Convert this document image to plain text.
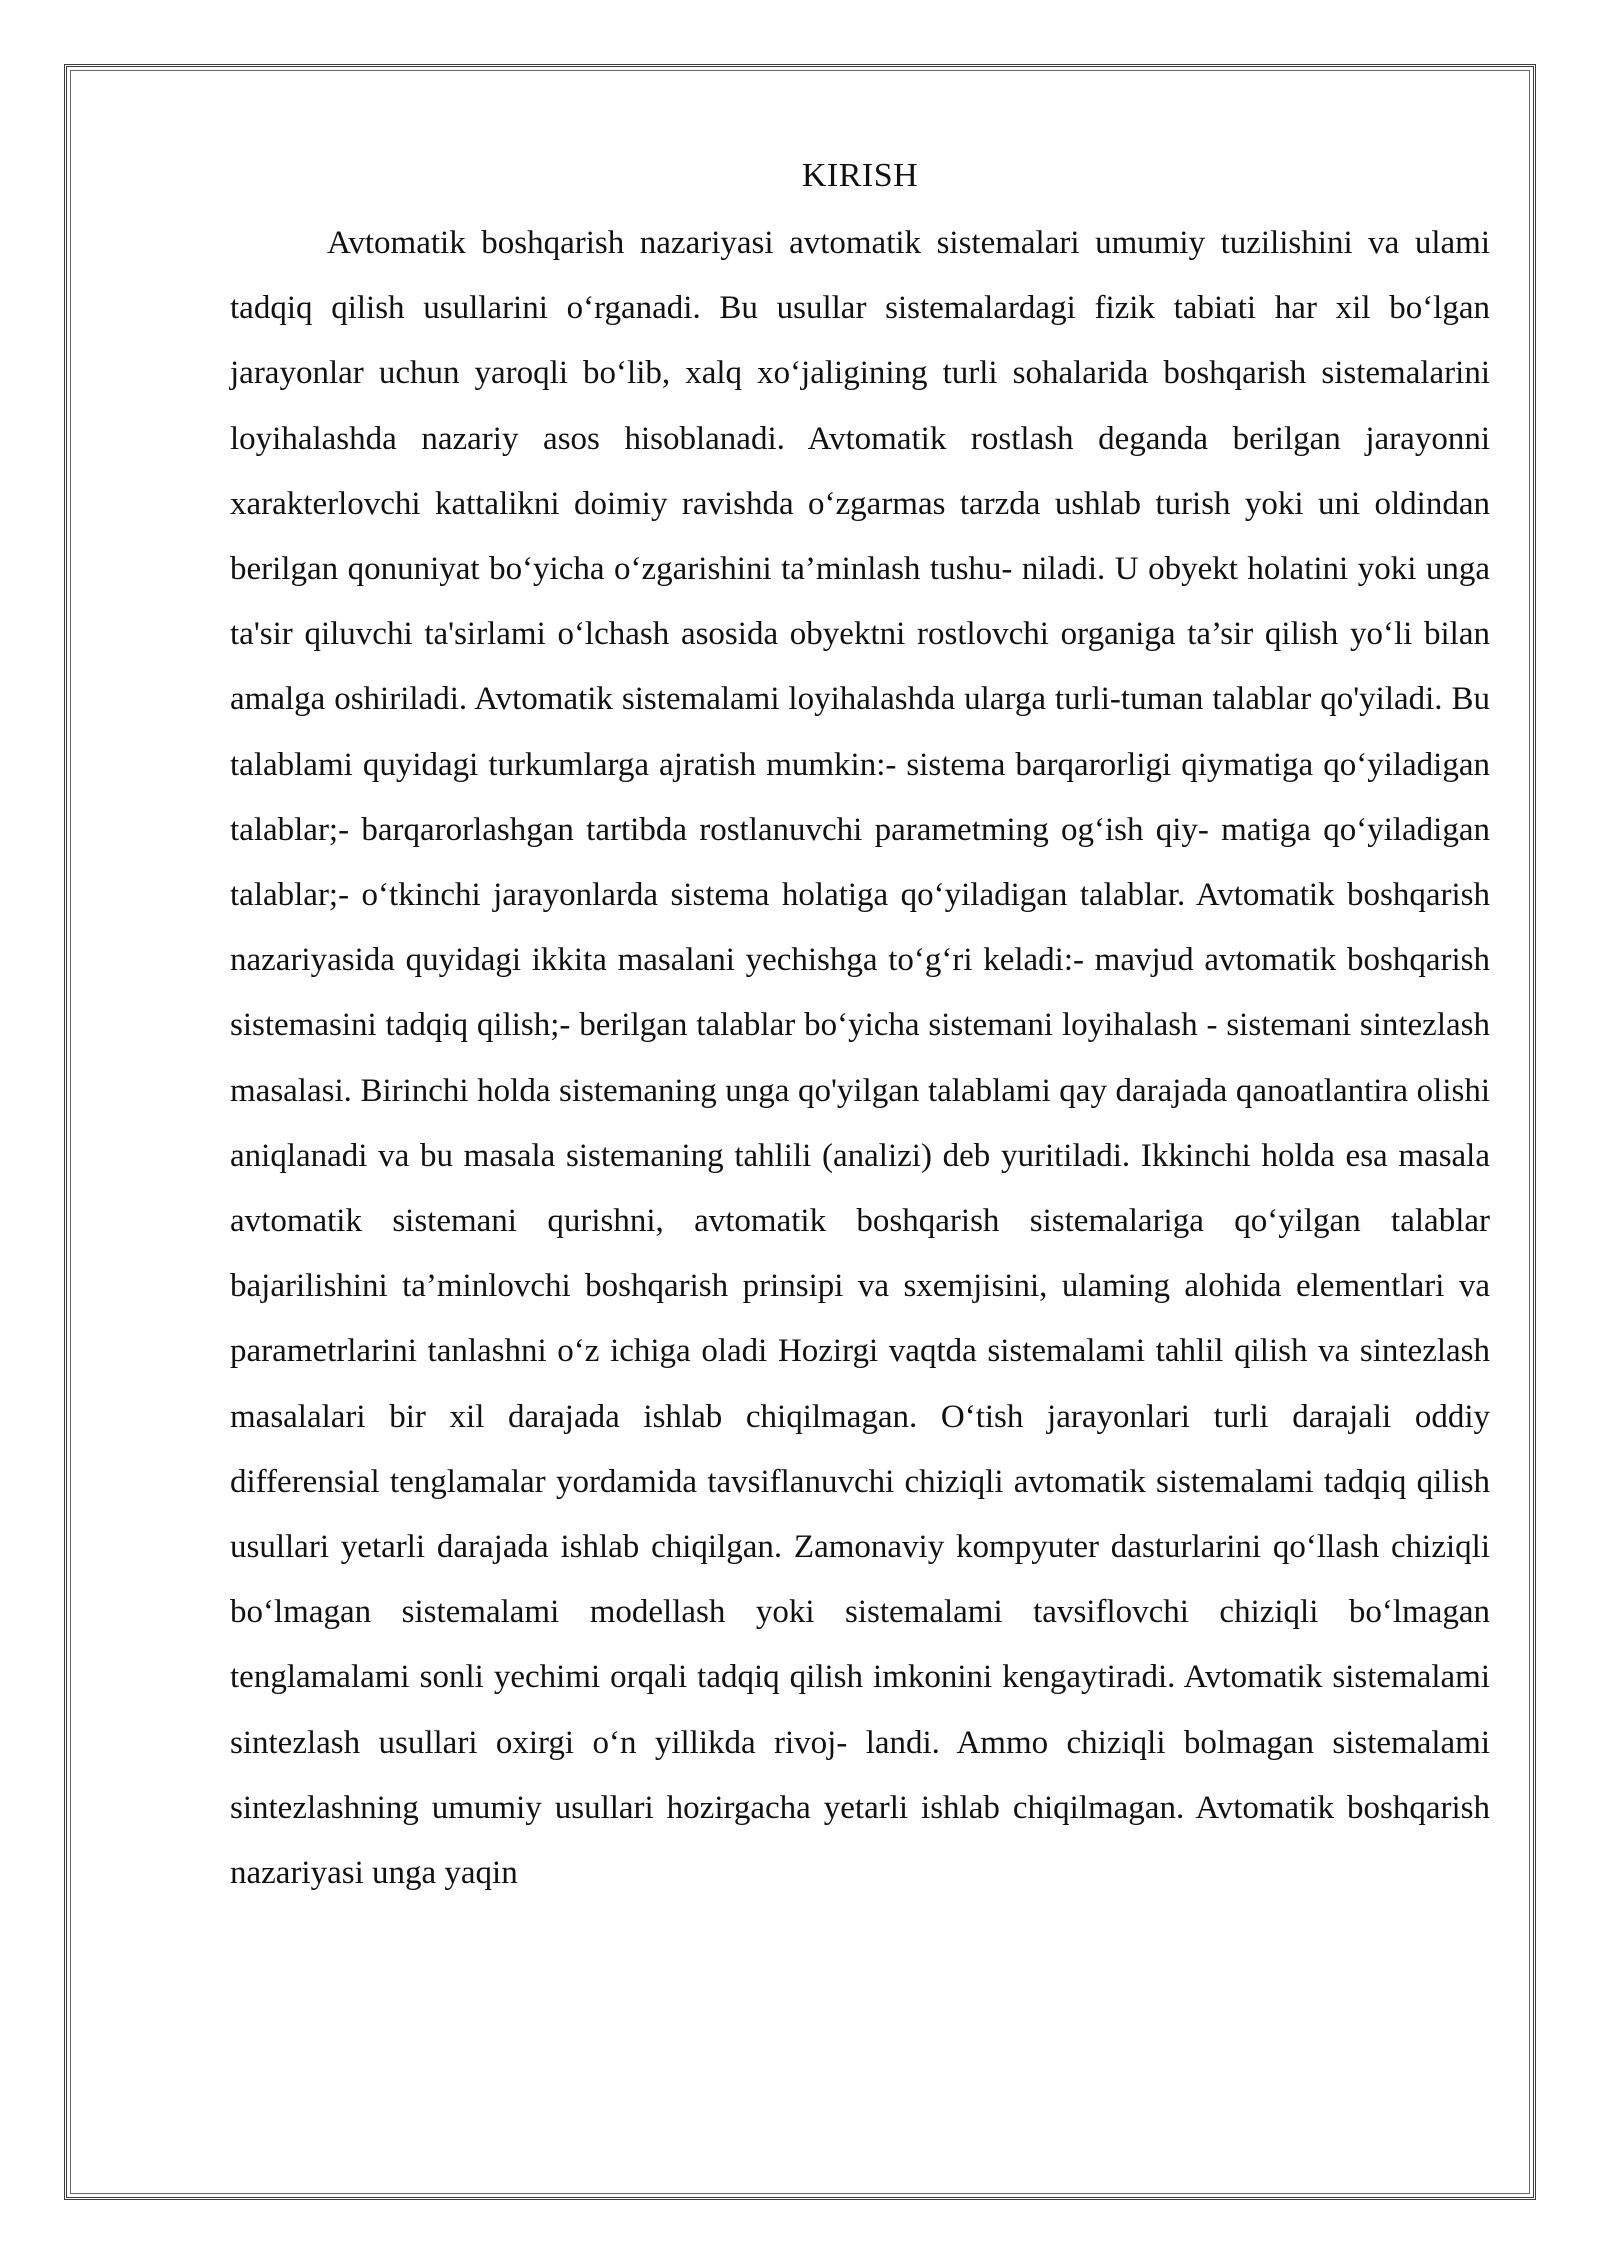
KIRISH

Avtomatik boshqarish nazariyasi avtomatik sistemalari umumiy tuzilishini va ulami tadqiq qilish usullarini o‘rganadi. Bu usullar sistemalardagi fizik tabiati har xil bo‘lgan jarayonlar uchun yaroqli bo‘lib, xalq xo‘jaligining turli sohalarida boshqarish sistemalarini loyihalashda nazariy asos hisoblanadi. Avtomatik rostlash deganda berilgan jarayonni xarakterlovchi kattalikni doimiy ravishda o‘zgarmas tarzda ushlab turish yoki uni oldindan berilgan qonuniyat bo‘yicha o‘zgarishini ta’minlash tushu- niladi. U obyekt holatini yoki unga ta'sir qiluvchi ta'sirlami o‘lchash asosida obyektni rostlovchi organiga ta’sir qilish yo‘li bilan amalga oshiriladi. Avtomatik sistemalami loyihalashda ularga turli-tuman talablar qo'yiladi. Bu talablami quyidagi turkumlarga ajratish mumkin:- sistema barqarorligi qiymatiga qo‘yiladigan talablar;- barqarorlashgan tartibda rostlanuvchi parametming og‘ish qiy- matiga qo‘yiladigan talablar;- o‘tkinchi jarayonlarda sistema holatiga qo‘yiladigan talablar. Avtomatik boshqarish nazariyasida quyidagi ikkita masalani yechishga to‘g‘ri keladi:- mavjud avtomatik boshqarish sistemasini tadqiq qilish;- berilgan talablar bo‘yicha sistemani loyihalash - sistemani sintezlash masalasi. Birinchi holda sistemaning unga qo'yilgan talablami qay darajada qanoatlantira olishi aniqlanadi va bu masala sistemaning tahlili (analizi) deb yuritiladi. Ikkinchi holda esa masala avtomatik sistemani qurishni, avtomatik boshqarish sistemalariga qo‘yilgan talablar bajarilishini ta’minlovchi boshqarish prinsipi va sxemjisini, ulaming alohida elementlari va parametrlarini tanlashni o‘z ichiga oladi Hozirgi vaqtda sistemalami tahlil qilish va sintezlash masalalari bir xil darajada ishlab chiqilmagan. O‘tish jarayonlari turli darajali oddiy differensial tenglamalar yordamida tavsiflanuvchi chiziqli avtomatik sistemalami tadqiq qilish usullari yetarli darajada ishlab chiqilgan. Zamonaviy kompyuter dasturlarini qo‘llash chiziqli bo‘lmagan sistemalami modellash yoki sistemalami tavsiflovchi chiziqli bo‘lmagan tenglamalami sonli yechimi orqali tadqiq qilish imkonini kengaytiradi. Avtomatik sistemalami sintezlash usullari oxirgi o‘n yillikda rivoj- landi. Ammo chiziqli bolmagan sistemalami sintezlashning umumiy usullari hozirgacha yetarli ishlab chiqilmagan. Avtomatik boshqarish nazariyasi unga yaqin
